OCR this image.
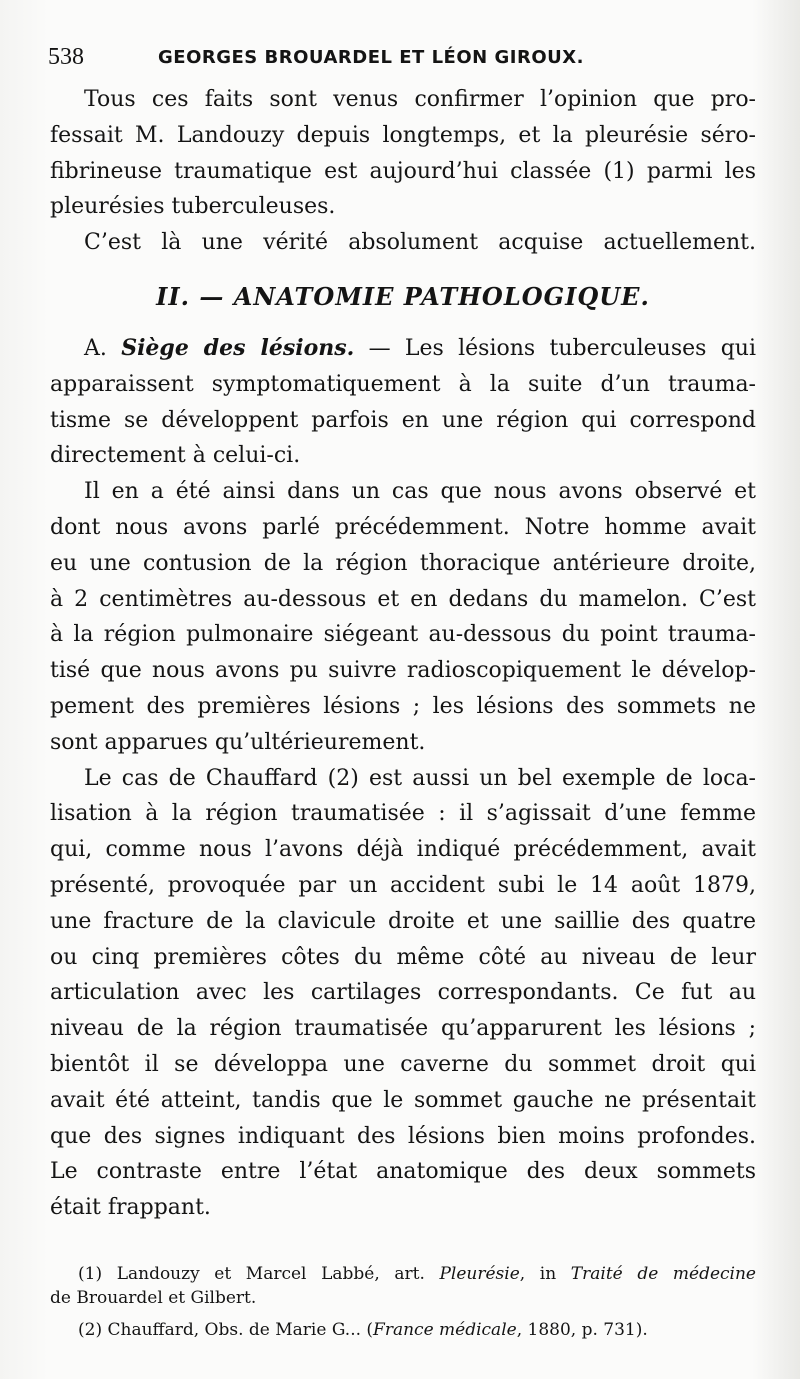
538	GEORGES BROUARDEL ET LÉON GIROUX.

Tous ces faits sont venus confirmer l’opinion que pro-
fessait M. Landouzy depuis longtemps, et la pleurésie séro-
fibrineuse traumatique est aujourd’hui classée (1) parmi les
pleurésies tuberculeuses.

C’est là une vérité absolument acquise actuellement.

II. — ANATOMIE PATHOLOGIQUE.

A. Siège des lésions. — Les lésions tuberculeuses qui
apparaissent symptomatiquement à la suite d’un trauma-
tisme se développent parfois en une région qui correspond
directement à celui-ci.

Il en a été ainsi dans un cas que nous avons observé et
dont nous avons parlé précédemment. Notre homme avait
eu une contusion de la région thoracique antérieure droite,
à 2 centimètres au-dessous et en dedans du mamelon. C’est
à la région pulmonaire siégeant au-dessous du point trauma-
tisé que nous avons pu suivre radioscopiquement le dévelop-
pement des premières lésions ; les lésions des sommets ne
sont apparues qu’ultérieurement.

Le cas de Chauffard (2) est aussi un bel exemple de loca-
lisation à la région traumatisée : il s’agissait d’une femme
qui, comme nous l’avons déjà indiqué précédemment, avait
présenté, provoquée par un accident subi le 14 août 1879,
une fracture de la clavicule droite et une saillie des quatre
ou cinq premières côtes du même côté au niveau de leur
articulation avec les cartilages correspondants. Ce fut au
niveau de la région traumatisée qu’apparurent les lésions ;
bientôt il se développa une caverne du sommet droit qui
avait été atteint, tandis que le sommet gauche ne présentait
que des signes indiquant des lésions bien moins profondes.
Le contraste entre l’état anatomique des deux sommets
était frappant.

(1) Landouzy et Marcel Labbé, art. Pleurésie, in Traité de médecine
de Brouardel et Gilbert.

(2) Chauffard, Obs. de Marie G... (France médicale, 1880, p. 731).
